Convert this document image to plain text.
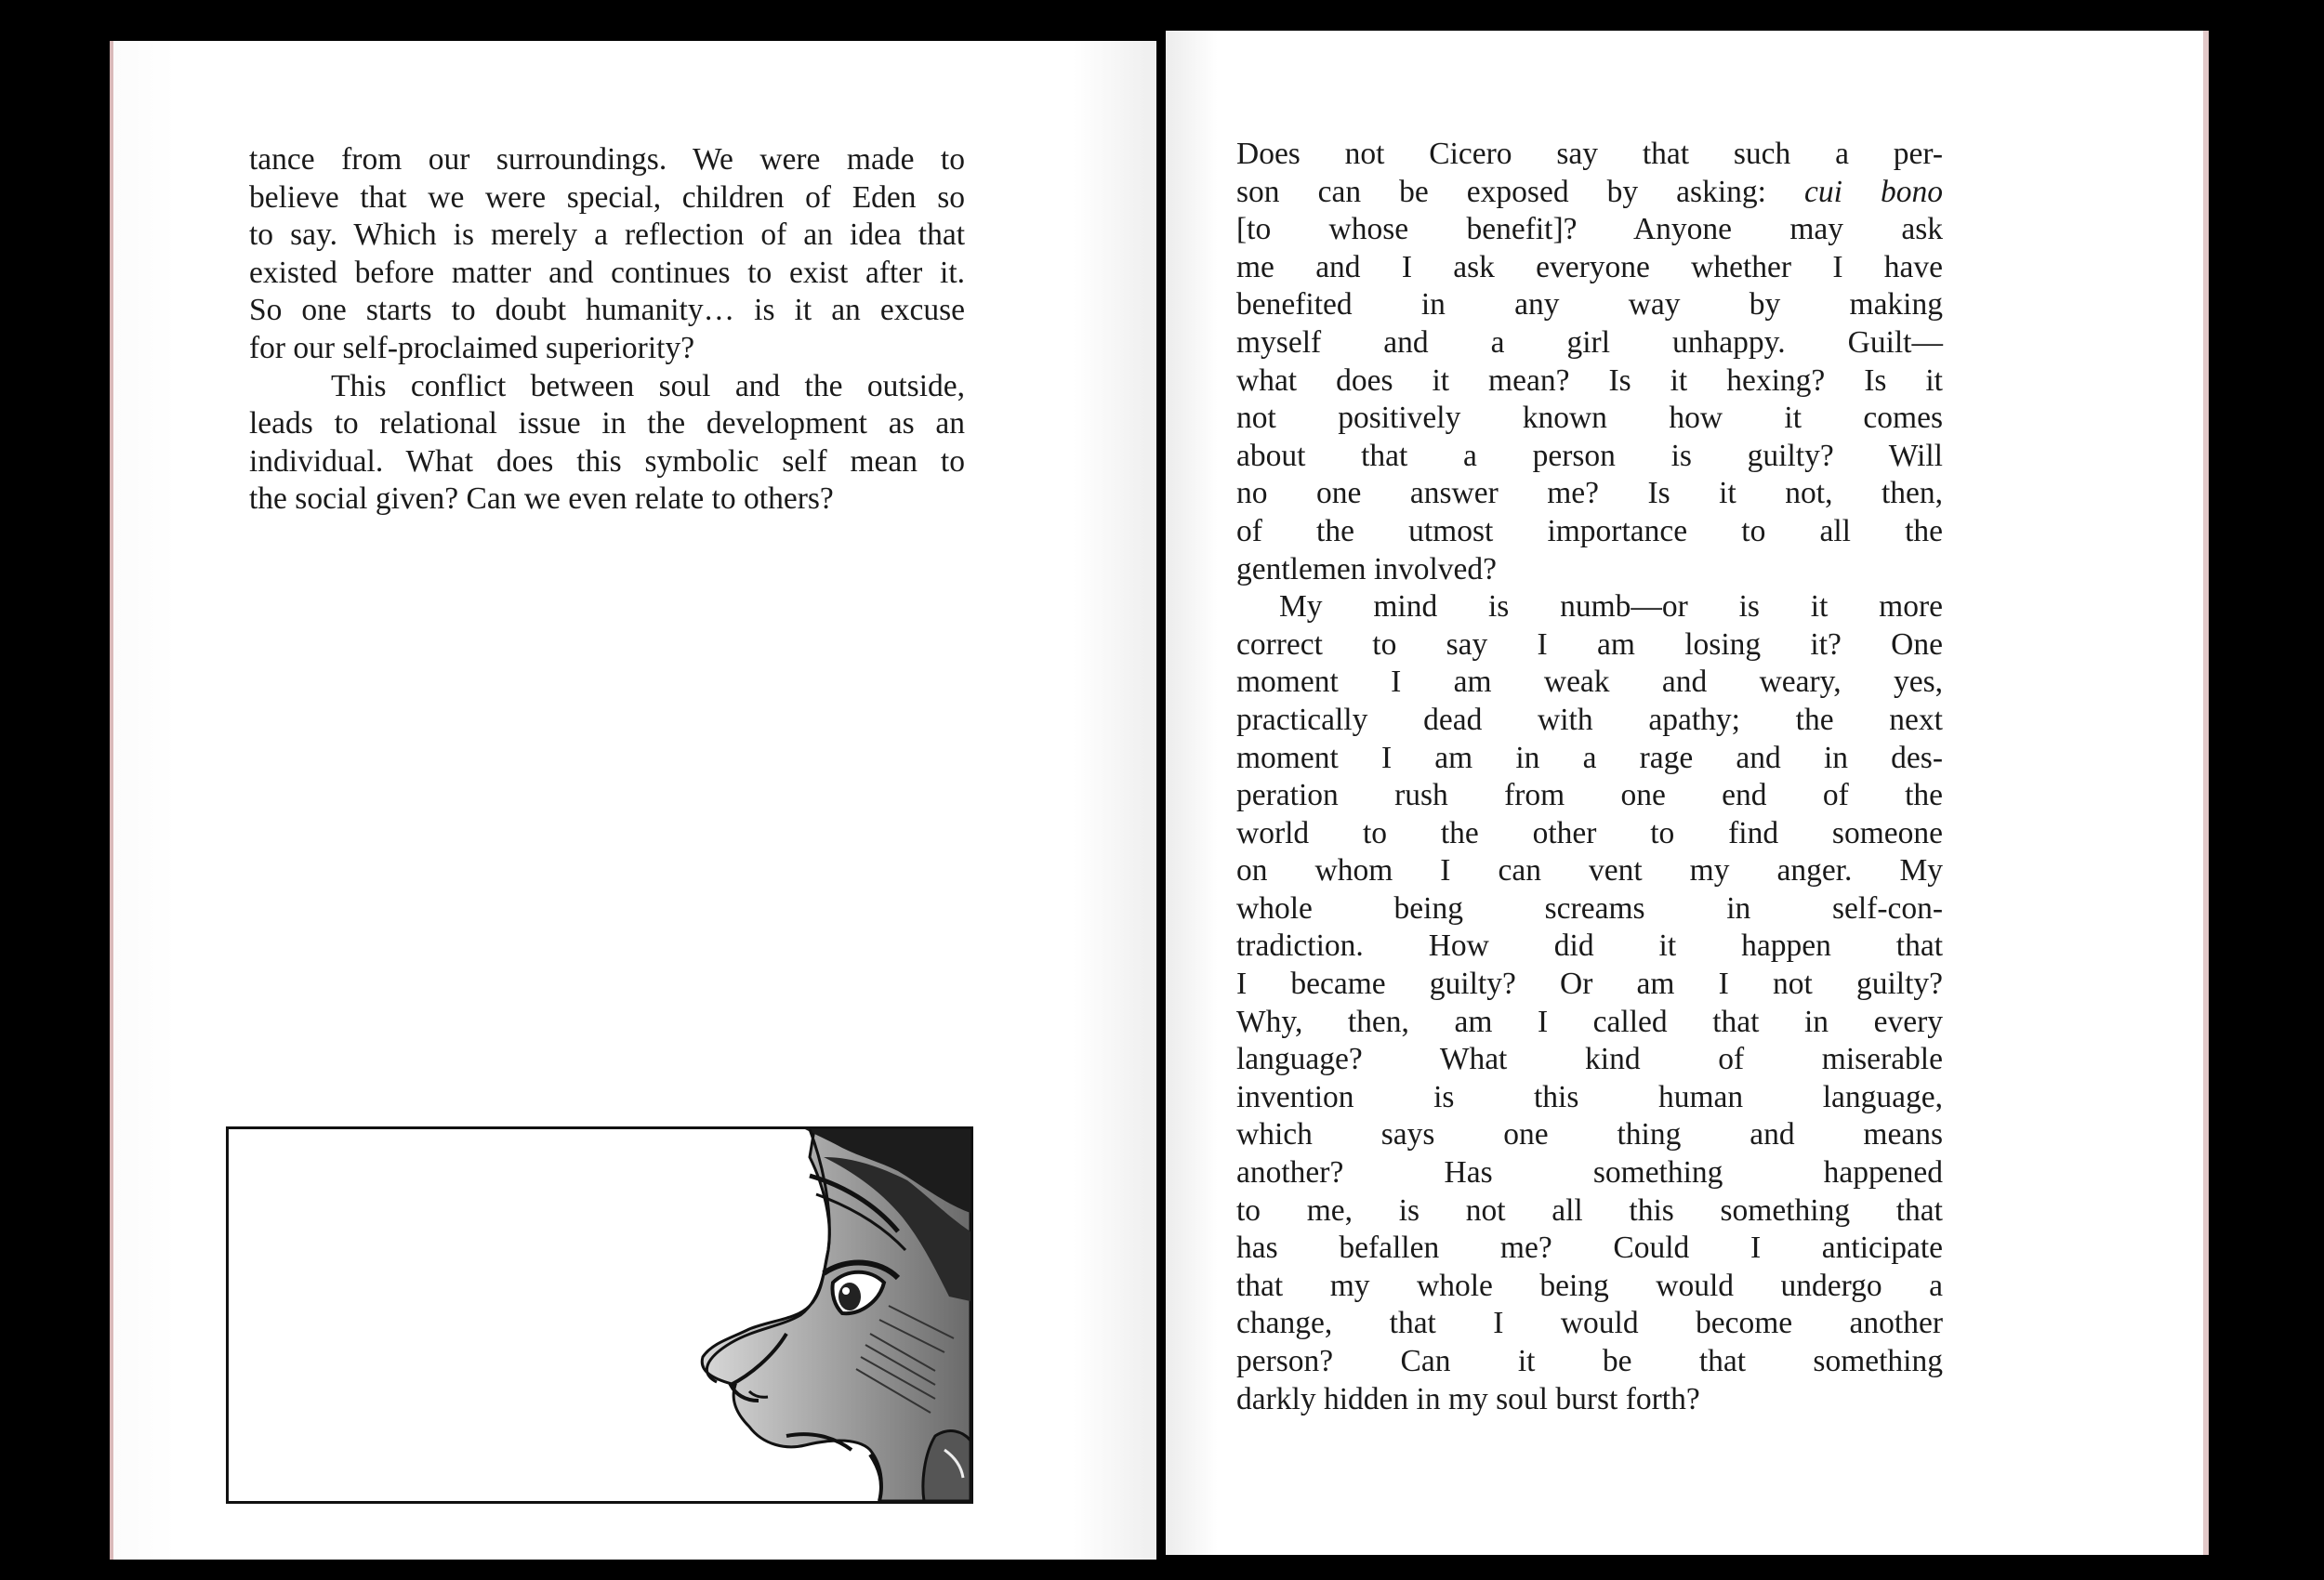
tance from our surroundings. We were made to
believe that we were special, children of Eden so
to say. Which is merely a reflection of an idea that
existed before matter and continues to exist after it.
So one starts to doubt humanity… is it an excuse
for our self-proclaimed superiority?
This conflict between soul and the outside,
leads to relational issue in the development as an
individual. What does this symbolic self mean to
the social given? Can we even relate to others?
Does not Cicero say that such a per-
son can be exposed by asking: cui bono
[to whose benefit]? Anyone may ask
me and I ask everyone whether I have
benefited in any way by making
myself and a girl unhappy. Guilt—
what does it mean? Is it hexing? Is it
not positively known how it comes
about that a person is guilty? Will
no one answer me? Is it not, then,
of the utmost importance to all the
gentlemen involved?
My mind is numb—or is it more
correct to say I am losing it? One
moment I am weak and weary, yes,
practically dead with apathy; the next
moment I am in a rage and in des-
peration rush from one end of the
world to the other to find someone
on whom I can vent my anger. My
whole being screams in self-con-
tradiction. How did it happen that
I became guilty? Or am I not guilty?
Why, then, am I called that in every
language? What kind of miserable
invention is this human language,
which says one thing and means
another? Has something happened
to me, is not all this something that
has befallen me? Could I anticipate
that my whole being would undergo a
change, that I would become another
person? Can it be that something
darkly hidden in my soul burst forth?
